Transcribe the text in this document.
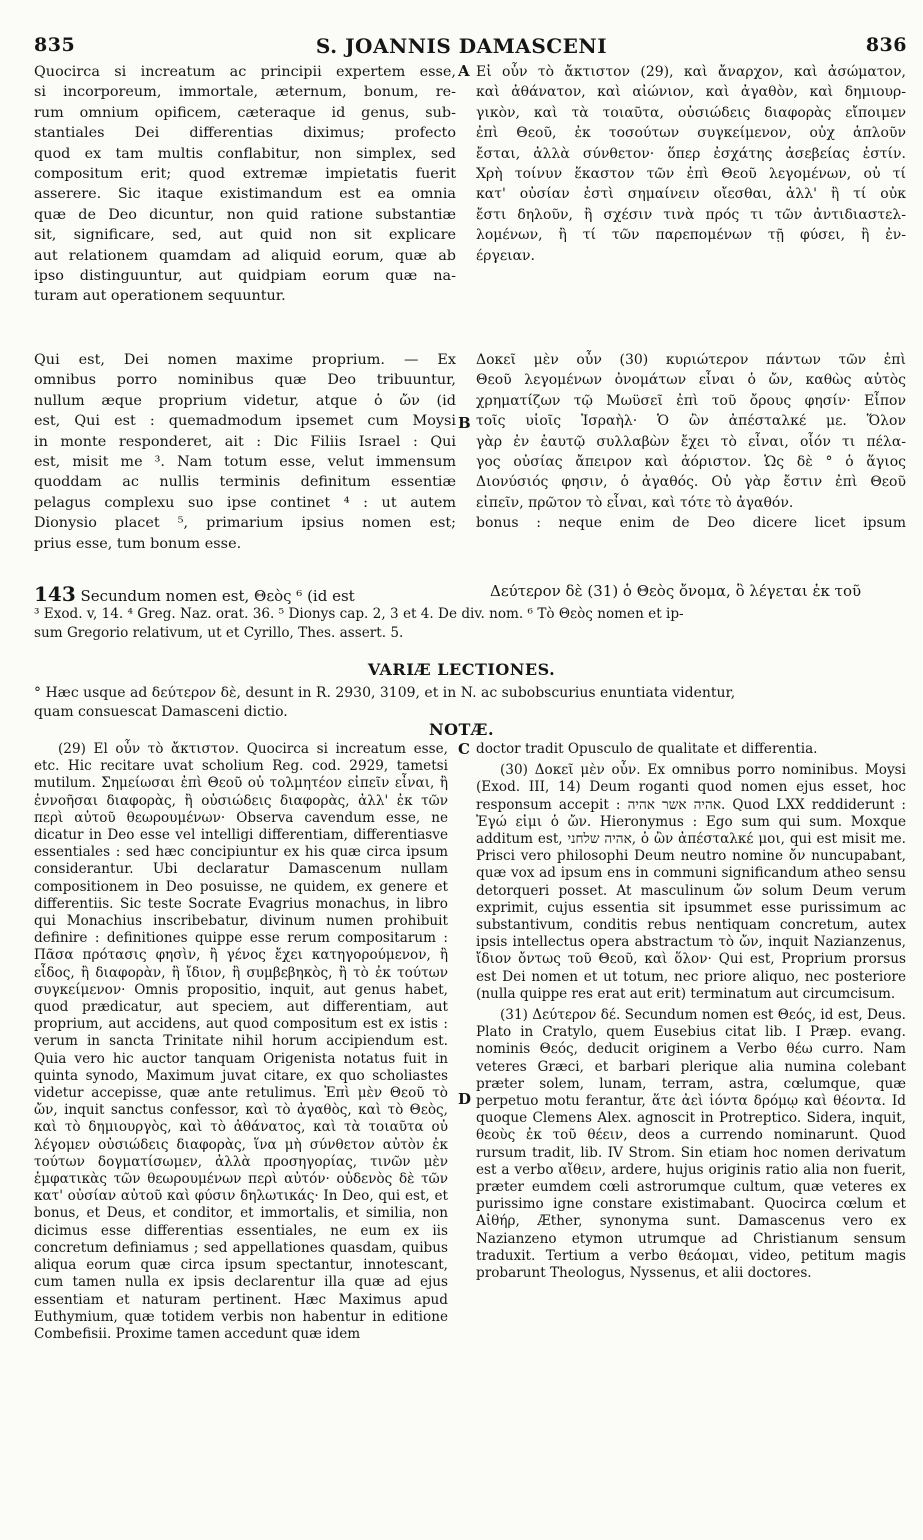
835	S. JOANNIS DAMASCENI	836
A
B
C
D
Quocirca si increatum ac principii expertem esse,
si incorporeum, immortale, æternum, bonum, re-
rum omnium opificem, cæteraque id genus, sub-
stantiales Dei differentias diximus; profecto
quod ex tam multis conflabitur, non simplex, sed
compositum erit; quod extremæ impietatis fuerit
asserere. Sic itaque existimandum est ea omnia
quæ de Deo dicuntur, non quid ratione substantiæ
sit, significare, sed, aut quid non sit explicare
aut relationem quamdam ad aliquid eorum, quæ ab
ipso distinguuntur, aut quidpiam eorum quæ na-
turam aut operationem sequuntur.
Qui est, Dei nomen maxime proprium. — Ex
omnibus porro nominibus quæ Deo tribuuntur,
nullum æque proprium videtur, atque ὁ ὤν (id
est, Qui est : quemadmodum ipsemet cum Moysi
in monte responderet, ait : Dic Filiis Israel : Qui
est, misit me ³. Nam totum esse, velut immensum
quoddam ac nullis terminis definitum essentiæ
pelagus complexu suo ipse continet ⁴ : ut autem
Dionysio placet ⁵, primarium ipsius nomen est;
prius esse, tum bonum esse.
Εἰ οὖν τὸ ἄκτιστον (29), καὶ ἄναρχον, καὶ ἀσώματον,
καὶ ἀθάνατον, καὶ αἰώνιον, καὶ ἀγαθὸν, καὶ δημιουρ-
γικὸν, καὶ τὰ τοιαῦτα, οὐσιώδεις διαφορὰς εἴποιμεν
ἐπὶ Θεοῦ, ἐκ τοσούτων συγκείμενον, οὐχ ἁπλοῦν
ἔσται, ἀλλὰ σύνθετον· ὅπερ ἐσχάτης ἀσεβείας ἐστίν.
Χρὴ τοίνυν ἕκαστον τῶν ἐπὶ Θεοῦ λεγομένων, οὐ τί
κατ' οὐσίαν ἐστὶ σημαίνειν οἴεσθαι, ἀλλ' ἢ τί οὐκ
ἔστι δηλοῦν, ἢ σχέσιν τινὰ πρός τι τῶν ἀντιδιαστελ-
λομένων, ἢ τί τῶν παρεπομένων τῇ φύσει, ἢ ἐν-
έργειαν.
Δοκεῖ μὲν οὖν (30) κυριώτερον πάντων τῶν ἐπὶ
Θεοῦ λεγομένων ὀνομάτων εἶναι ὁ ὤν, καθὼς αὐτὸς
χρηματίζων τῷ Μωϋσεῖ ἐπὶ τοῦ ὄρους φησίν· Εἶπον
τοῖς υἱοῖς Ἰσραὴλ· Ὁ ὢν ἀπέσταλκέ με. Ὅλον
γὰρ ἐν ἑαυτῷ συλλαβὼν ἔχει τὸ εἶναι, οἷόν τι πέλα-
γος οὐσίας ἄπειρον καὶ ἀόριστον. Ὡς δὲ ° ὁ ἅγιος
Διονύσιός φησιν, ὁ ἀγαθός. Οὐ γὰρ ἔστιν ἐπὶ Θεοῦ
εἰπεῖν, πρῶτον τὸ εἶναι, καὶ τότε τὸ ἀγαθόν.
bonus : neque enim de Deo dicere licet ipsum
143 Secundum nomen est, Θεὸς ⁶ (id est	Δεύτερον δὲ (31) ὁ Θεὸς ὄνομα, ὃ λέγεται ἐκ τοῦ
³ Exod. v, 14. ⁴ Greg. Naz. orat. 36. ⁵ Dionys cap. 2, 3 et 4. De div. nom. ⁶ Τὸ Θεὸς nomen et ip-
sum Gregorio relativum, ut et Cyrillo, Thes. assert. 5.
VARIÆ LECTIONES.
° Hæc usque ad δεύτερον δὲ, desunt in R. 2930, 3109, et in N. ac subobscurius enuntiata videntur,
quam consuescat Damasceni dictio.
NOTÆ.

(29) El οὖν τὸ ἄκτιστον. Quocirca si increatum esse, etc. Hic recitare uvat scholium Reg. cod. 2929, tametsi mutilum. Σημείωσαι ἐπὶ Θεοῦ οὐ τολμητέον εἰπεῖν εἶναι, ἢ ἐννοῆσαι διαφορὰς, ἢ οὐσιώδεις διαφορὰς, ἀλλ' ἐκ τῶν περὶ αὐτοῦ θεωρουμένων· Observa cavendum esse, ne dicatur in Deo esse vel intelligi differentiam, differentiasve essentiales : sed hæc concipiuntur ex his quæ circa ipsum considerantur. Ubi declaratur Damascenum nullam compositionem in Deo posuisse, ne quidem, ex genere et differentiis. Sic teste Socrate Evagrius monachus, in libro qui Monachius inscribebatur, divinum numen prohibuit definire : definitiones quippe esse rerum compositarum : Πᾶσα πρότασις φησὶν, ἢ γένος ἔχει κατηγορούμενον, ἢ εἶδος, ἢ διαφορὰν, ἢ ἴδιον, ἢ συμβεβηκὸς, ἢ τὸ ἐκ τούτων συγκείμενον· Omnis propositio, inquit, aut genus habet, quod prædicatur, aut speciem, aut differentiam, aut proprium, aut accidens, aut quod compositum est ex istis : verum in sancta Trinitate nihil horum accipiendum est. Quia vero hic auctor tanquam Origenista notatus fuit in quinta synodo, Maximum juvat citare, ex quo scholiastes videtur accepisse, quæ ante retulimus. Ἐπὶ μὲν Θεοῦ τὸ ὤν, inquit sanctus confessor, καὶ τὸ ἀγαθὸς, καὶ τὸ Θεὸς, καὶ τὸ δημιουργὸς, καὶ τὸ ἀθάνατος, καὶ τὰ τοιαῦτα οὐ λέγομεν οὐσιώδεις διαφορὰς, ἵνα μὴ σύνθετον αὐτὸν ἐκ τούτων δογματίσωμεν, ἀλλὰ προσηγορίας, τινῶν μὲν ἐμφατικὰς τῶν θεωρουμένων περὶ αὐτόν· οὐδενὸς δὲ τῶν κατ' οὐσίαν αὐτοῦ καὶ φύσιν δηλωτικάς· In Deo, qui est, et bonus, et Deus, et conditor, et immortalis, et similia, non dicimus esse differentias essentiales, ne eum ex iis concretum definiamus ; sed appellationes quasdam, quibus aliqua eorum quæ circa ipsum spectantur, innotescant, cum tamen nulla ex ipsis declarentur illa quæ ad ejus essentiam et naturam pertinent. Hæc Maximus apud Euthymium, quæ totidem verbis non habentur in editione Combefisii. Proxime tamen accedunt quæ idem

doctor tradit Opusculo de qualitate et differentia.

(30) Δοκεῖ μὲν οὖν. Ex omnibus porro nominibus. Moysi (Exod. III, 14) Deum roganti quod nomen ejus esset, hoc responsum accepit : אהיה אשר אהיה. Quod LXX reddiderunt : Ἐγώ εἰμι ὁ ὤν. Hieronymus : Ego sum qui sum. Moxque additum est, אהיה שלחני, ὁ ὢν ἀπέσταλκέ μοι, qui est misit me. Prisci vero philosophi Deum neutro nomine ὄν nuncupabant, quæ vox ad ipsum ens in communi significandum atheo sensu detorqueri posset. At masculinum ὤν solum Deum verum exprimit, cujus essentia sit ipsummet esse purissimum ac substantivum, conditis rebus nentiquam concretum, autex ipsis intellectus opera abstractum τὸ ὤν, inquit Nazianzenus, ἴδιον ὄντως τοῦ Θεοῦ, καὶ ὅλον· Qui est, Proprium prorsus est Dei nomen et ut totum, nec priore aliquo, nec posteriore (nulla quippe res erat aut erit) terminatum aut circumcisum.

(31) Δεύτερον δέ. Secundum nomen est Θεός, id est, Deus. Plato in Cratylo, quem Eusebius citat lib. I Præp. evang. nominis Θεός, deducit originem a Verbo θέω curro. Nam veteres Græci, et barbari plerique alia numina colebant præter solem, lunam, terram, astra, cœlumque, quæ perpetuo motu ferantur, ἅτε ἀεὶ ἰόντα δρόμῳ καὶ θέοντα. Id quoque Clemens Alex. agnoscit in Protreptico. Sidera, inquit, θεοὺς ἐκ τοῦ θέειν, deos a currendo nominarunt. Quod rursum tradit, lib. IV Strom. Sin etiam hoc nomen derivatum est a verbo αἴθειν, ardere, hujus originis ratio alia non fuerit, præter eumdem cœli astrorumque cultum, quæ veteres ex purissimo igne constare existimabant. Quocirca cœlum et Αἰθήρ, Æther, synonyma sunt. Damascenus vero ex Nazianzeno etymon utrumque ad Christianum sensum traduxit. Tertium a verbo θεάομαι, video, petitum magis probarunt Theologus, Nyssenus, et alii doctores.
